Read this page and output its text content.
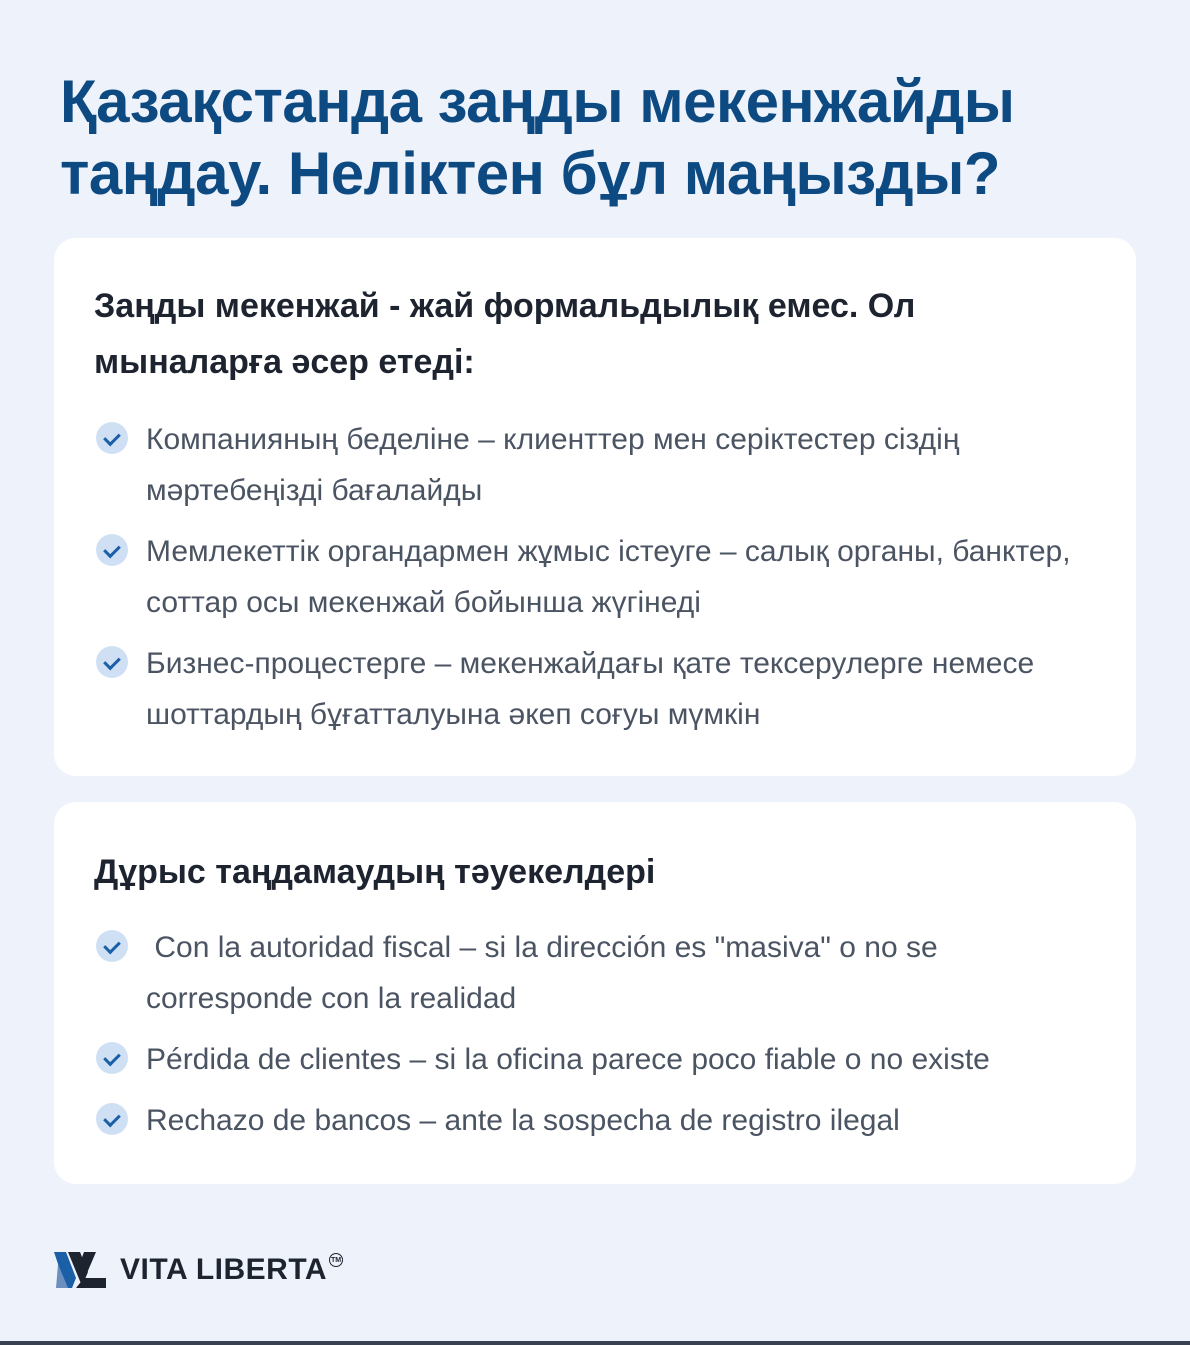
Қазақстанда заңды мекенжайды таңдау. Неліктен бұл маңызды?
Заңды мекенжай - жай формальдылық емес. Ол мыналарға әсер етеді:
Компанияның беделіне – клиенттер мен серіктестер сіздің мәртебеңізді бағалайды
Мемлекеттік органдармен жұмыс істеуге – салық органы, банктер, соттар осы мекенжай бойынша жүгінеді
Бизнес-процестерге – мекенжайдағы қате тексерулерге немесе шоттардың бұғатталуына әкеп соғуы мүмкін
Дұрыс таңдамаудың тәуекелдері
Con la autoridad fiscal – si la dirección es "masiva" o no se corresponde con la realidad
Pérdida de clientes – si la oficina parece poco fiable o no existe
Rechazo de bancos – ante la sospecha de registro ilegal
VITA LIBERTA TM
